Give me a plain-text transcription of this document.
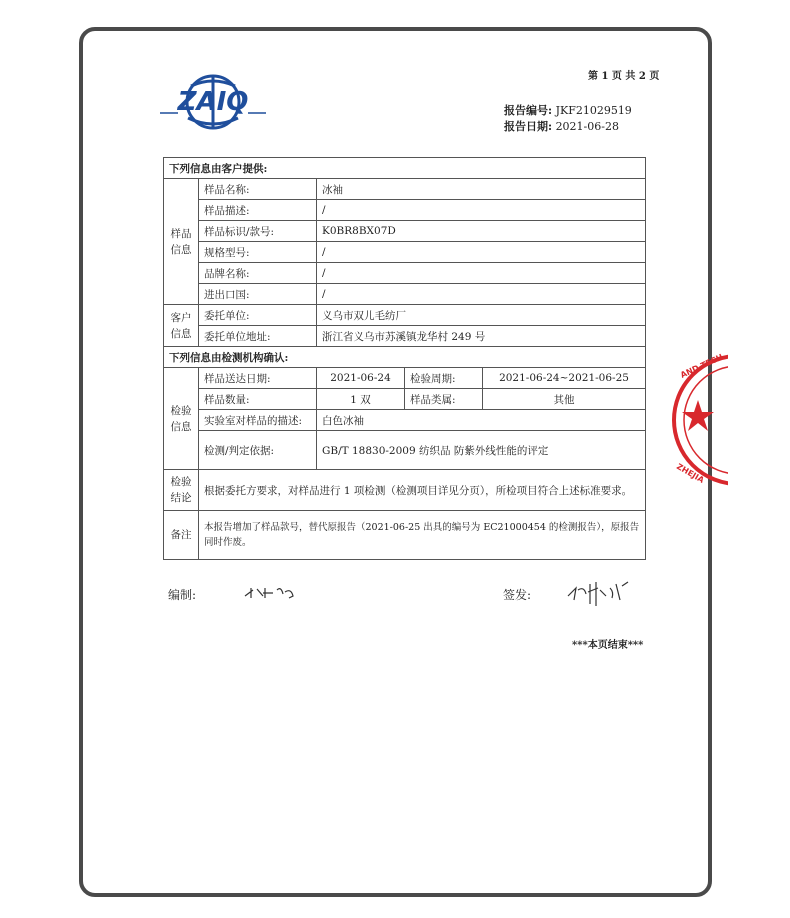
第 1 页 共 2 页
ZAIQ	报告编号: JKF21029519
报告日期: 2021-06-28
下列信息由客户提供:				
样品
信息	样品名称:	冰袖		
	样品描述:	/		
	样品标识/款号:	K0BR8BX07D		
	规格型号:	/		
	品牌名称:	/		
	进出口国:	/		
客户
信息	委托单位:	义乌市双儿毛纺厂		
	委托单位地址:	浙江省义乌市苏溪镇龙华村 249 号		
下列信息由检测机构确认:				
检验
信息	样品送达日期:	2021-06-24	检验周期:	2021-06-24~2021-06-25
	样品数量:	1 双	样品类属:	其他
	实验室对样品的描述:	白色冰袖		
	检测/判定依据:	GB/T 18830-2009 纺织品 防紫外线性能的评定		
检验
结论	根据委托方要求，对样品进行 1 项检测（检测项目详见分页），所检项目符合上述标准要求。			
备注	本报告增加了样品款号，替代原报告（2021-06-25 出具的编号为 EC21000454 的检测报告），原报告同时作废。			
编制:	签发:
***本页结束***
AND TECH
ZHEJIA
